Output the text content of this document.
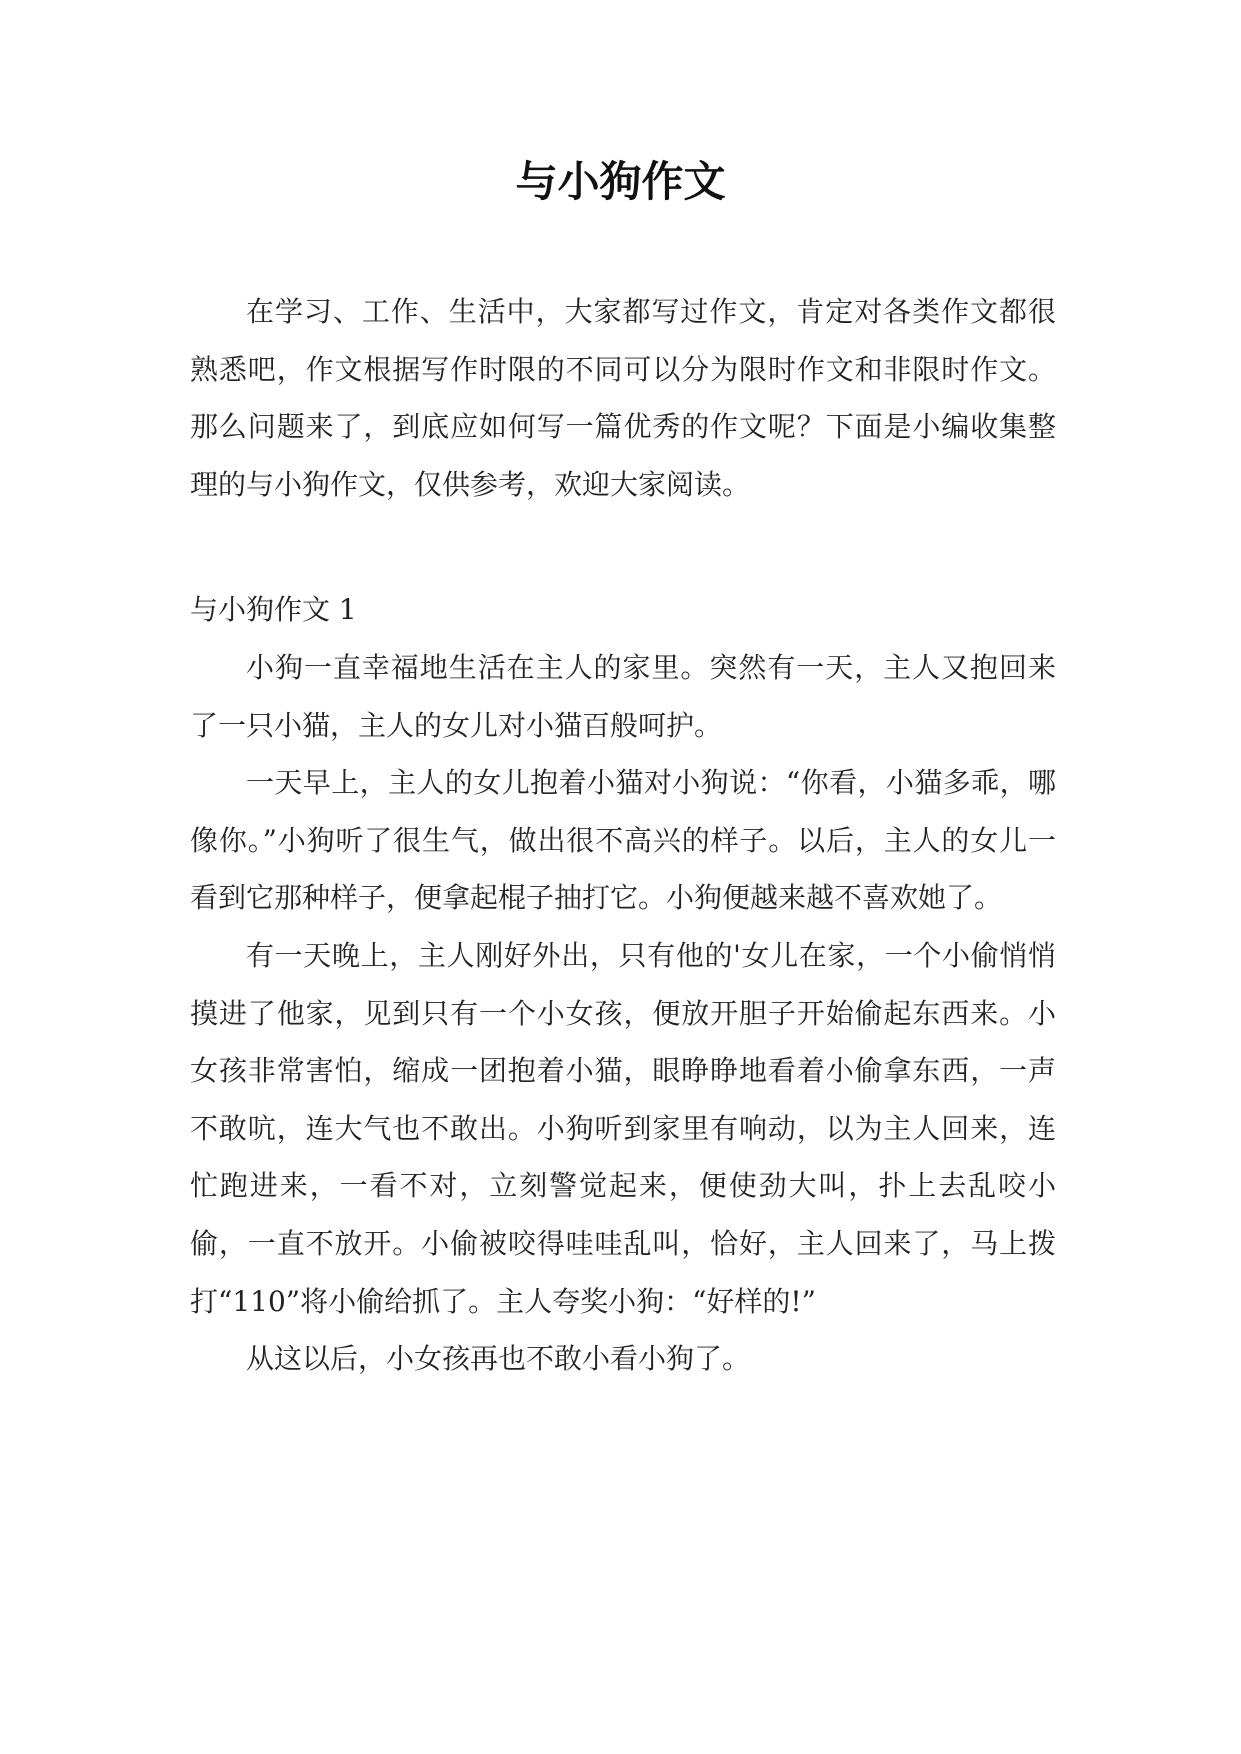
与小狗作文

在学习、工作、生活中，大家都写过作文，肯定对各类作文都很熟悉吧，作文根据写作时限的不同可以分为限时作文和非限时作文。那么问题来了，到底应如何写一篇优秀的作文呢？下面是小编收集整理的与小狗作文，仅供参考，欢迎大家阅读。

与小狗作文 1

小狗一直幸福地生活在主人的家里。突然有一天，主人又抱回来了一只小猫，主人的女儿对小猫百般呵护。

一天早上，主人的女儿抱着小猫对小狗说：“你看，小猫多乖，哪像你。”小狗听了很生气，做出很不高兴的样子。以后，主人的女儿一看到它那种样子，便拿起棍子抽打它。小狗便越来越不喜欢她了。

有一天晚上，主人刚好外出，只有他的'女儿在家，一个小偷悄悄摸进了他家，见到只有一个小女孩，便放开胆子开始偷起东西来。小女孩非常害怕，缩成一团抱着小猫，眼睁睁地看着小偷拿东西，一声不敢吭，连大气也不敢出。小狗听到家里有响动，以为主人回来，连忙跑进来，一看不对，立刻警觉起来，便使劲大叫，扑上去乱咬小偷，一直不放开。小偷被咬得哇哇乱叫，恰好，主人回来了，马上拨打“110”将小偷给抓了。主人夸奖小狗：“好样的!”

从这以后，小女孩再也不敢小看小狗了。
